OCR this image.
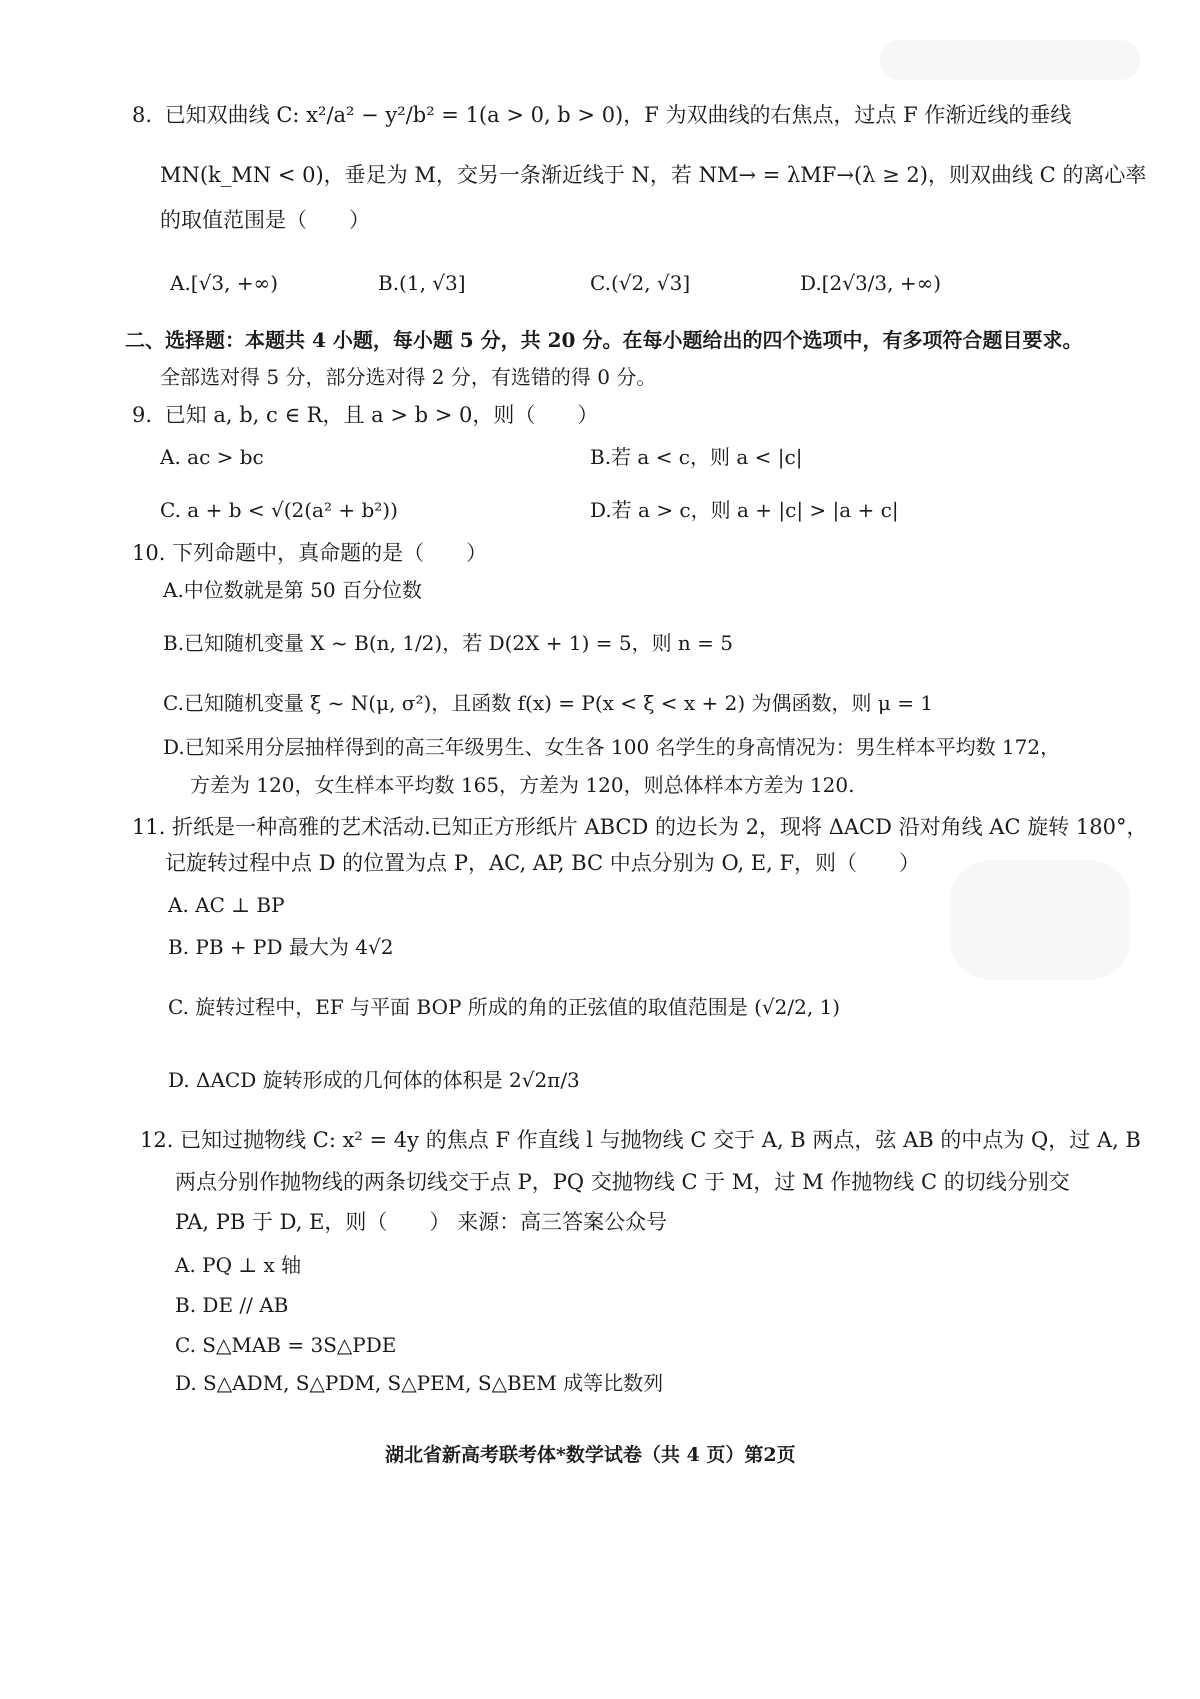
8. 已知双曲线 C: x²/a² − y²/b² = 1(a > 0, b > 0)，F 为双曲线的右焦点，过点 F 作渐近线的垂线
MN(k_MN < 0)，垂足为 M，交另一条渐近线于 N，若 NM→ = λMF→(λ ≥ 2)，则双曲线 C 的离心率
的取值范围是（　　）
A.[√3, +∞)	B.(1, √3]	C.(√2, √3]	D.[2√3/3, +∞)
二、选择题：本题共 4 小题，每小题 5 分，共 20 分。在每小题给出的四个选项中，有多项符合题目要求。
全部选对得 5 分，部分选对得 2 分，有选错的得 0 分。
9. 已知 a, b, c ∈ R，且 a > b > 0，则（　　）
A. ac > bc	B.若 a < c，则 a < |c|
C. a + b < √(2(a² + b²))	D.若 a > c，则 a + |c| > |a + c|
10. 下列命题中，真命题的是（　　）
A.中位数就是第 50 百分位数
B.已知随机变量 X ~ B(n, 1/2)，若 D(2X + 1) = 5，则 n = 5
C.已知随机变量 ξ ~ N(μ, σ²)，且函数 f(x) = P(x < ξ < x + 2) 为偶函数，则 μ = 1
D.已知采用分层抽样得到的高三年级男生、女生各 100 名学生的身高情况为：男生样本平均数 172，
方差为 120，女生样本平均数 165，方差为 120，则总体样本方差为 120.
11. 折纸是一种高雅的艺术活动.已知正方形纸片 ABCD 的边长为 2，现将 ΔACD 沿对角线 AC 旋转 180°，
记旋转过程中点 D 的位置为点 P，AC, AP, BC 中点分别为 O, E, F，则（　　）
A. AC ⊥ BP
B. PB + PD 最大为 4√2
C. 旋转过程中，EF 与平面 BOP 所成的角的正弦值的取值范围是 (√2/2, 1)
D. ΔACD 旋转形成的几何体的体积是 2√2π/3
12. 已知过抛物线 C: x² = 4y 的焦点 F 作直线 l 与抛物线 C 交于 A, B 两点，弦 AB 的中点为 Q，过 A, B
两点分别作抛物线的两条切线交于点 P，PQ 交抛物线 C 于 M，过 M 作抛物线 C 的切线分别交
PA, PB 于 D, E，则（　　） 来源：高三答案公众号
A. PQ ⊥ x 轴
B. DE // AB
C. S△MAB = 3S△PDE
D. S△ADM, S△PDM, S△PEM, S△BEM 成等比数列
湖北省新高考联考体*数学试卷（共 4 页）第2页
